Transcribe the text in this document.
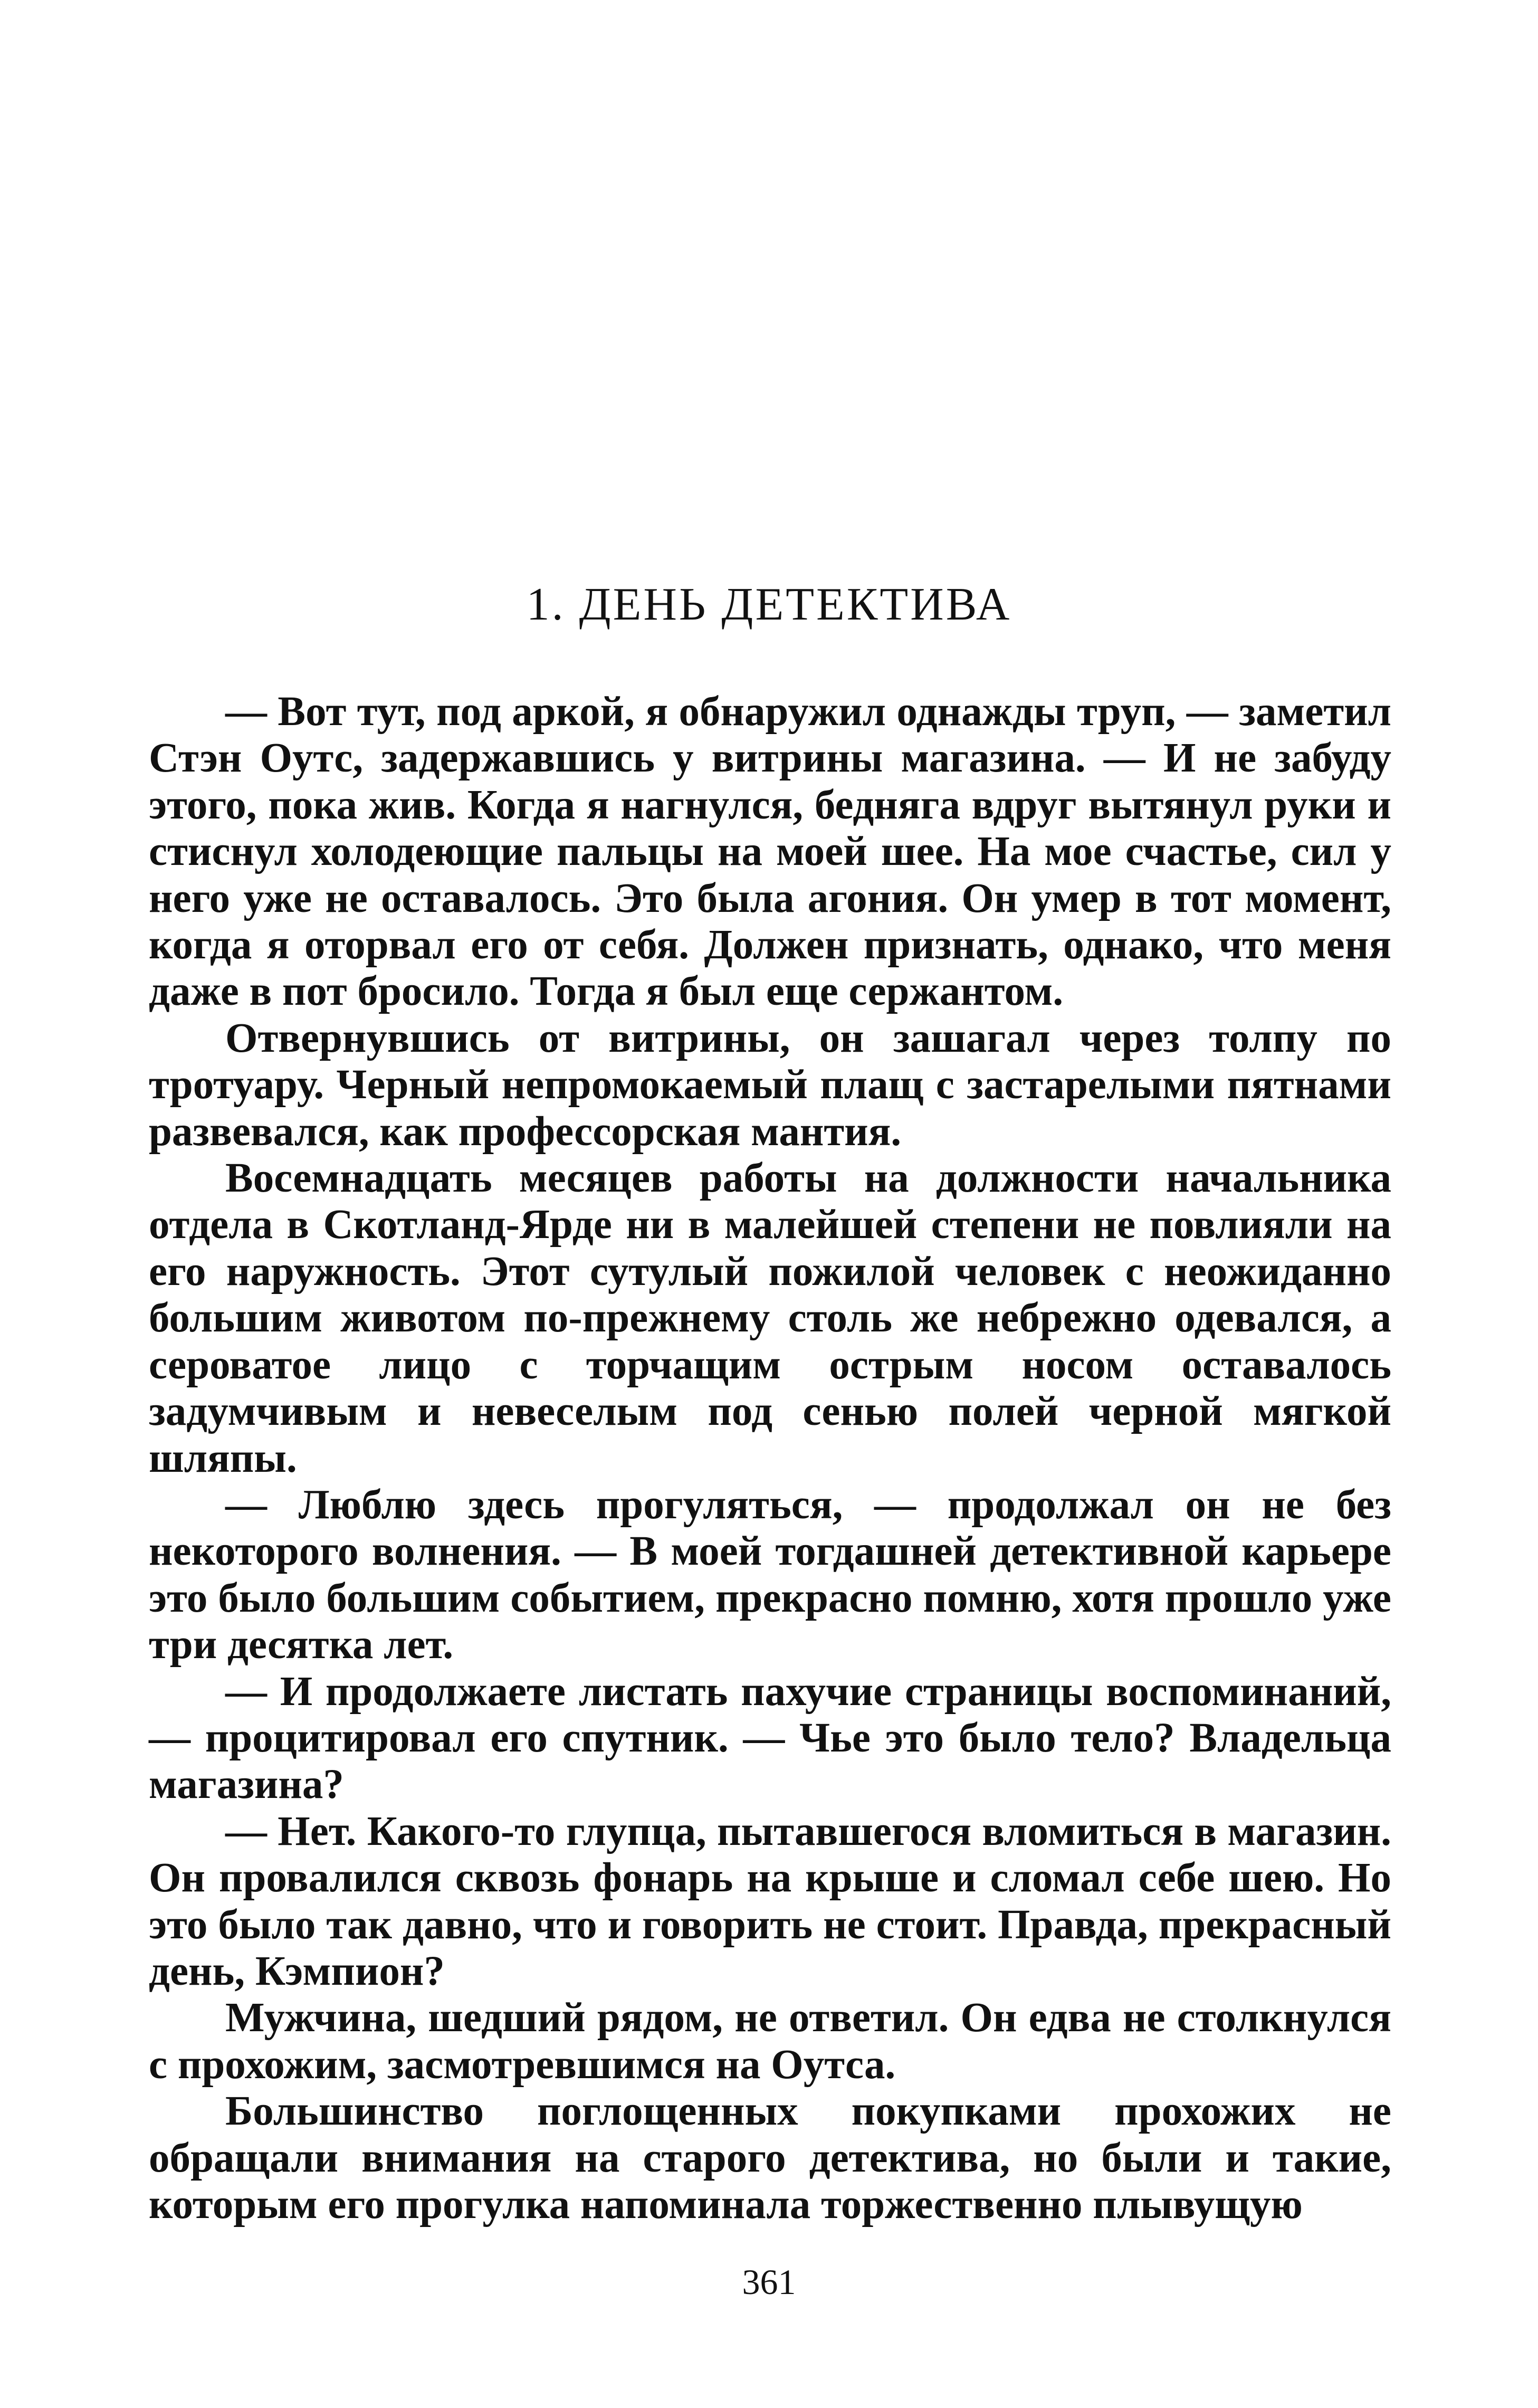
1. ДЕНЬ ДЕТЕКТИВА

— Вот тут, под аркой, я обнаружил однажды труп, — заметил Стэн Оутс, задержавшись у витрины магазина. — И не забуду этого, пока жив. Когда я нагнулся, бедняга вдруг вытянул руки и стиснул холодеющие пальцы на моей шее. На мое счастье, сил у него уже не оставалось. Это была агония. Он умер в тот момент, когда я оторвал его от себя. Должен признать, однако, что меня даже в пот бросило. Тогда я был еще сержантом.

Отвернувшись от витрины, он зашагал через толпу по тротуару. Черный непромокаемый плащ с застарелыми пятнами развевался, как профессорская мантия.

Восемнадцать месяцев работы на должности начальника отдела в Скотланд-Ярде ни в малейшей степени не повлияли на его наружность. Этот сутулый пожилой человек с неожиданно большим животом по-прежнему столь же небрежно одевался, а сероватое лицо с торчащим острым носом оставалось задумчивым и невеселым под сенью полей черной мягкой шляпы.

— Люблю здесь прогуляться, — продолжал он не без некоторого волнения. — В моей тогдашней детективной карьере это было большим событием, прекрасно помню, хотя прошло уже три десятка лет.

— И продолжаете листать пахучие страницы воспоминаний, — процитировал его спутник. — Чье это было тело? Владельца магазина?

— Нет. Какого-то глупца, пытавшегося вломиться в магазин. Он провалился сквозь фонарь на крыше и сломал себе шею. Но это было так давно, что и говорить не стоит. Правда, прекрасный день, Кэмпион?

Мужчина, шедший рядом, не ответил. Он едва не столкнулся с прохожим, засмотревшимся на Оутса.

Большинство поглощенных покупками прохожих не обращали внимания на старого детектива, но были и такие, которым его прогулка напоминала торжественно плывущую

361
